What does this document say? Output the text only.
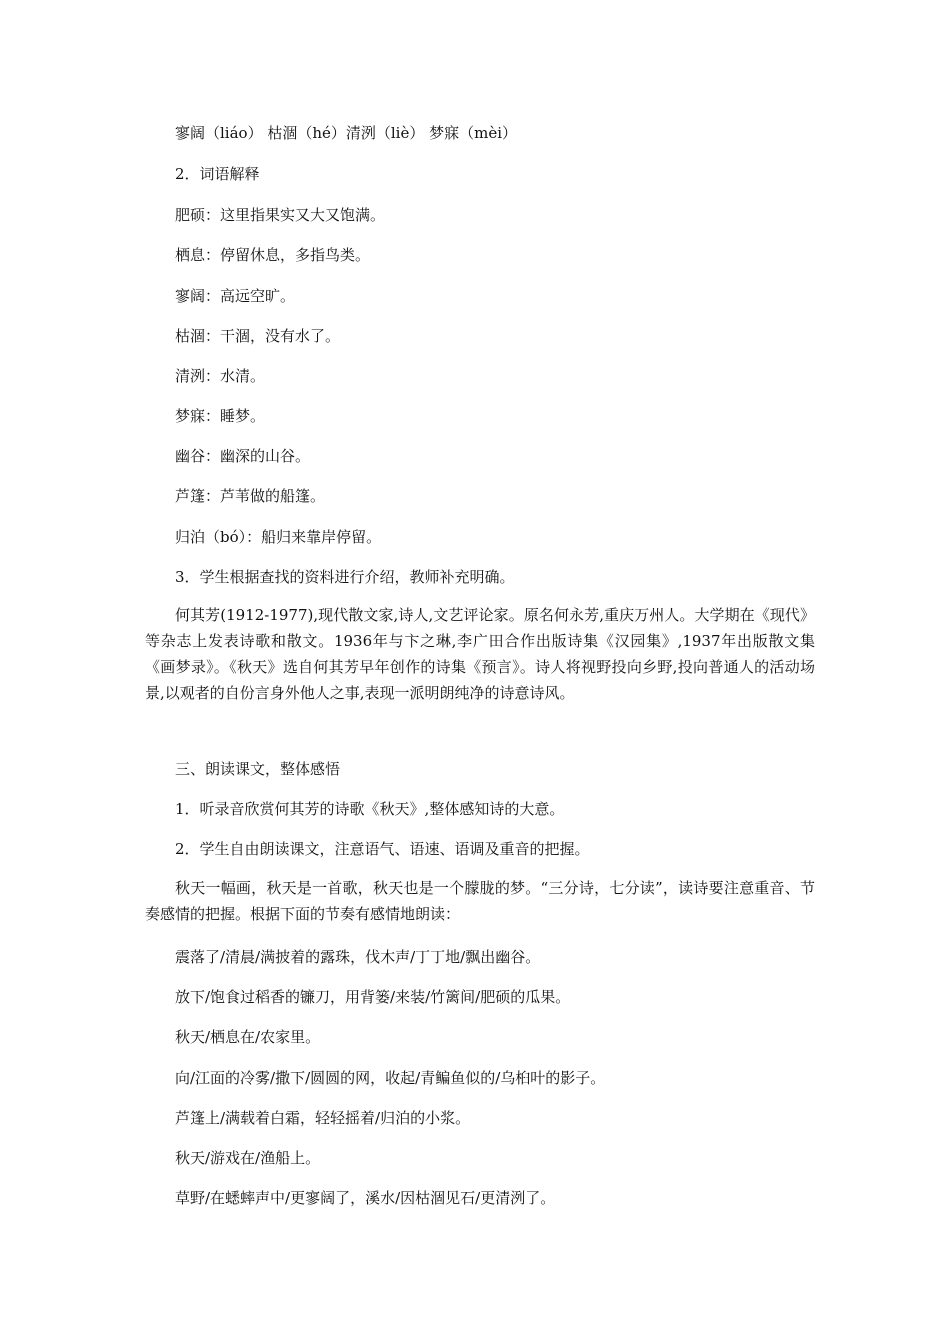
寥阔（liáo） 枯涸（hé）清洌（liè） 梦寐（mèi）
2．词语解释
肥硕：这里指果实又大又饱满。
栖息：停留休息，多指鸟类。
寥阔：高远空旷。
枯涸：干涸，没有水了。
清洌：水清。
梦寐：睡梦。
幽谷：幽深的山谷。
芦篷：芦苇做的船篷。
归泊（bó）：船归来靠岸停留。
3．学生根据查找的资料进行介绍，教师补充明确。
何其芳(1912-1977),现代散文家,诗人,文艺评论家。原名何永芳,重庆万州人。大学期在《现代》等杂志上发表诗歌和散文。1936年与卞之琳,李广田合作出版诗集《汉园集》,1937年出版散文集《画梦录》。《秋天》选自何其芳早年创作的诗集《预言》。诗人将视野投向乡野,投向普通人的活动场景,以观者的自份言身外他人之事,表现一派明朗纯净的诗意诗风。
三、朗读课文，整体感悟
1．听录音欣赏何其芳的诗歌《秋天》,整体感知诗的大意。
2．学生自由朗读课文，注意语气、语速、语调及重音的把握。
秋天一幅画，秋天是一首歌，秋天也是一个朦胧的梦。“三分诗，七分读”，读诗要注意重音、节奏感情的把握。根据下面的节奏有感情地朗读：
震落了/清晨/满披着的露珠，伐木声/丁丁地/飘出幽谷。
放下/饱食过稻香的镰刀，用背篓/来装/竹篱间/肥硕的瓜果。
秋天/栖息在/农家里。
向/江面的冷雾/撒下/圆圆的网，收起/青鳊鱼似的/乌桕叶的影子。
芦篷上/满载着白霜，轻轻摇着/归泊的小浆。
秋天/游戏在/渔船上。
草野/在蟋蟀声中/更寥阔了，溪水/因枯涸见石/更清洌了。
